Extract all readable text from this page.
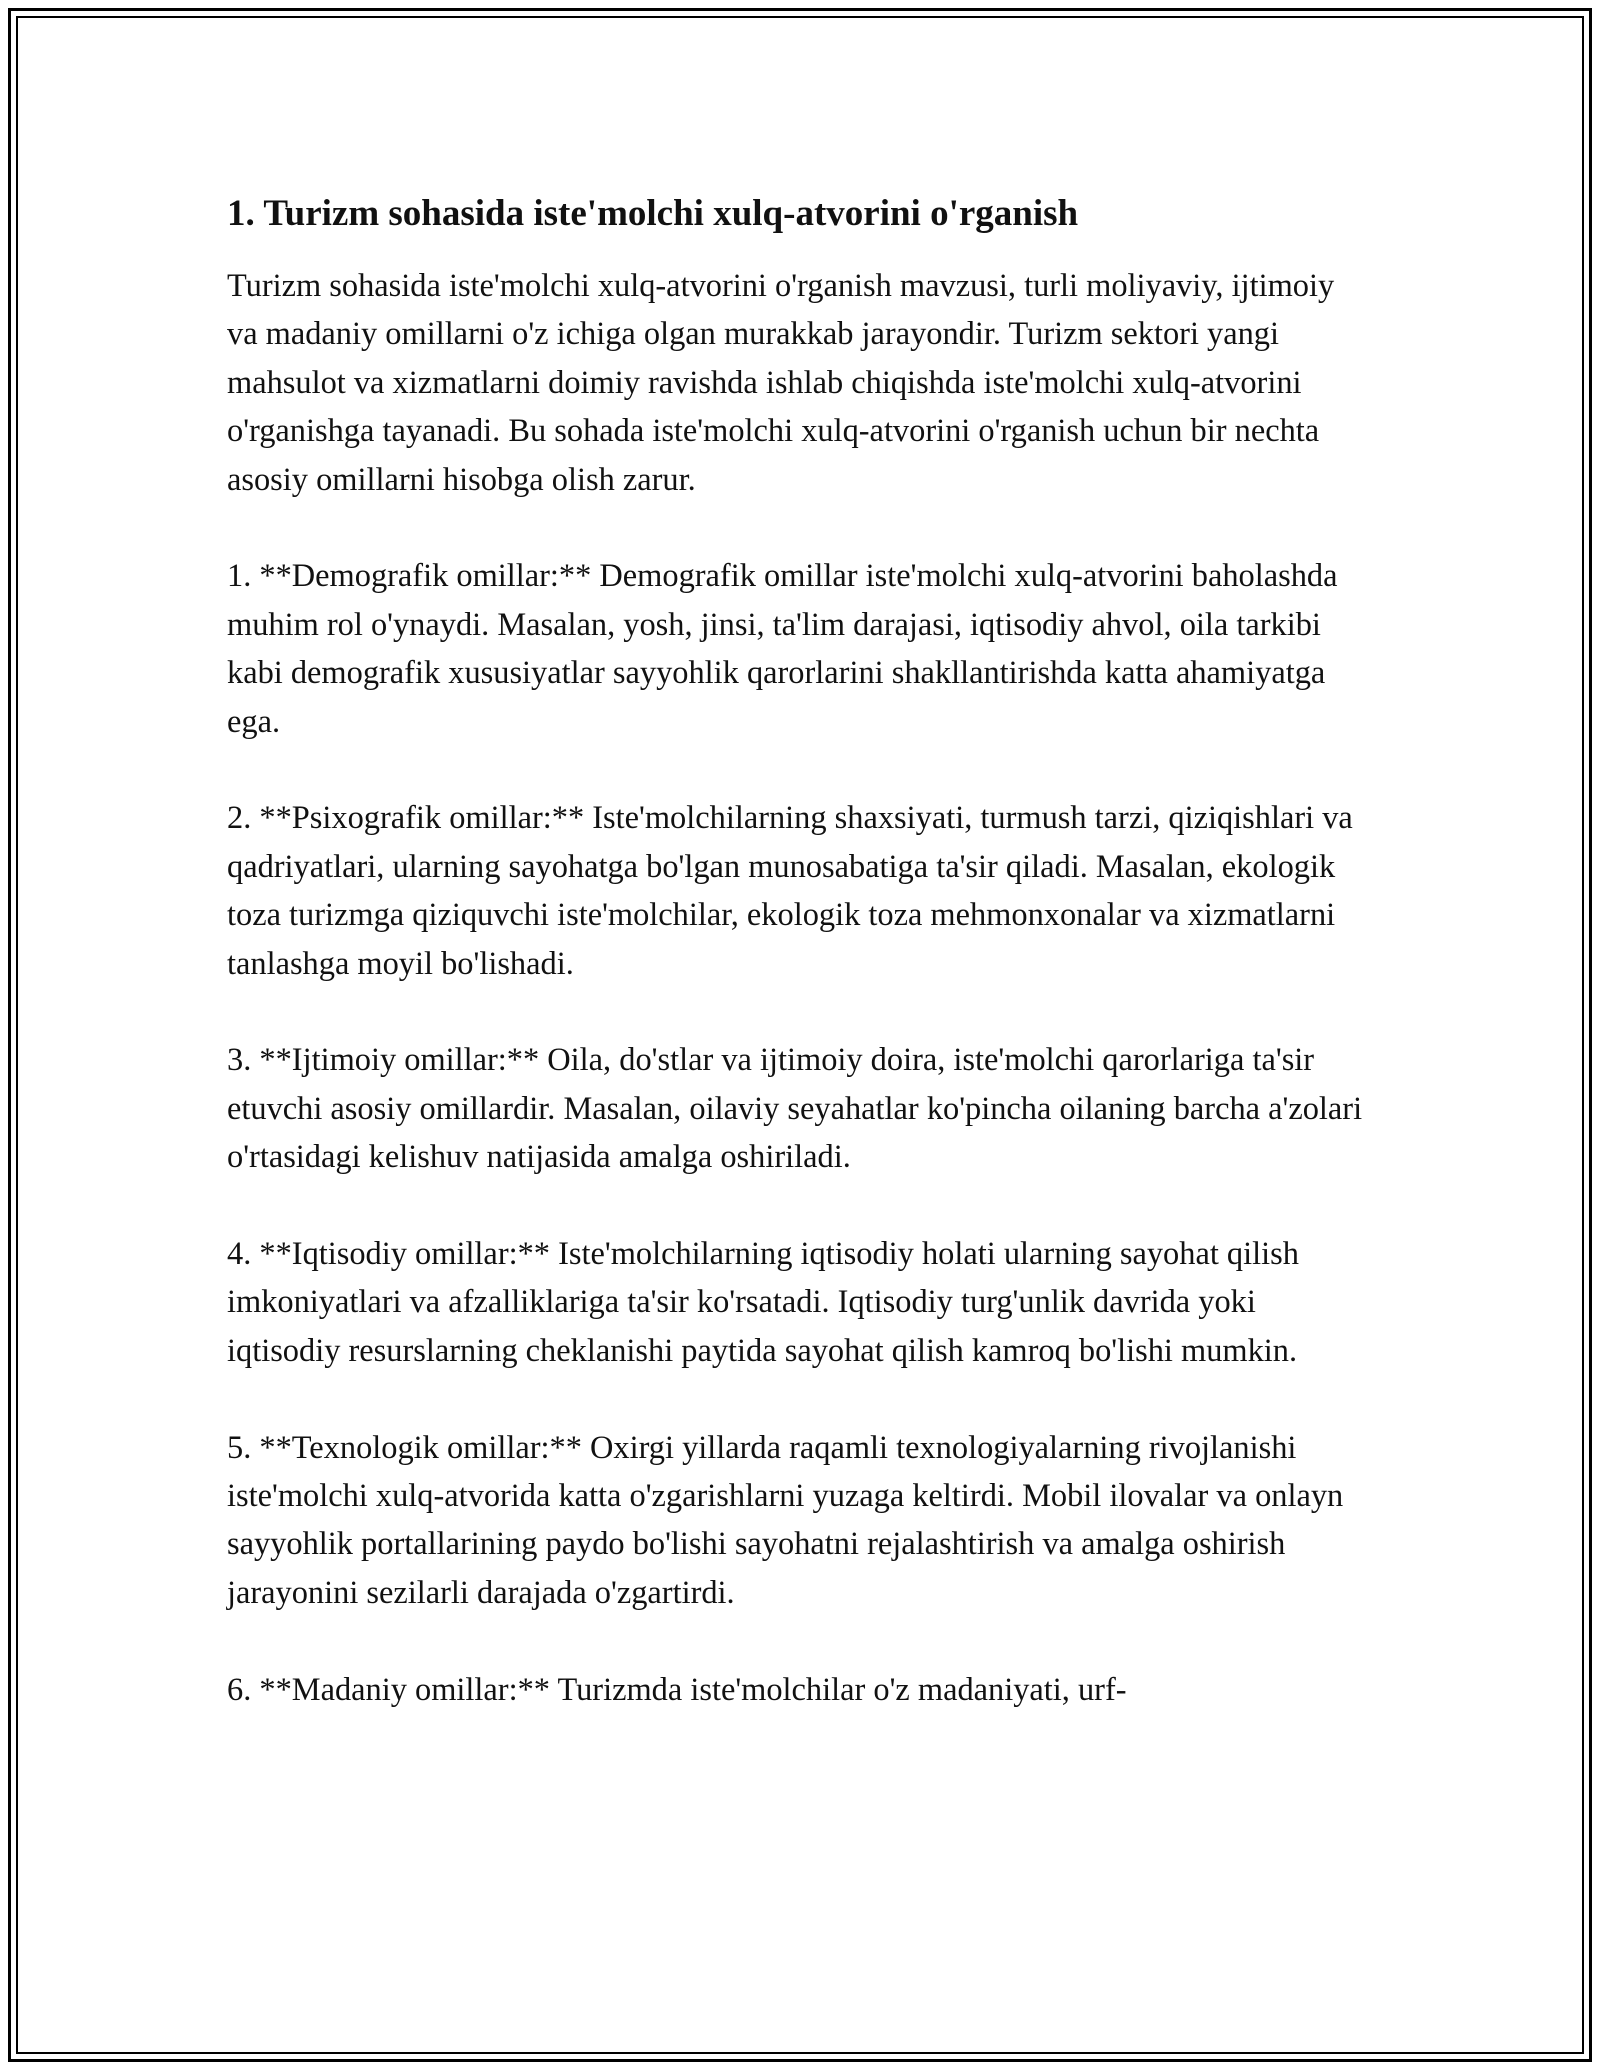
1. Turizm sohasida iste'molchi xulq-atvorini o'rganish

Turizm sohasida iste'molchi xulq-atvorini o'rganish mavzusi, turli moliyaviy, ijtimoiy va madaniy omillarni o'z ichiga olgan murakkab jarayondir. Turizm sektori yangi mahsulot va xizmatlarni doimiy ravishda ishlab chiqishda iste'molchi xulq-atvorini o'rganishga tayanadi. Bu sohada iste'molchi xulq-atvorini o'rganish uchun bir nechta asosiy omillarni hisobga olish zarur.

1. **Demografik omillar:** Demografik omillar iste'molchi xulq-atvorini baholashda muhim rol o'ynaydi. Masalan, yosh, jinsi, ta'lim darajasi, iqtisodiy ahvol, oila tarkibi kabi demografik xususiyatlar sayyohlik qarorlarini shakllantirishda katta ahamiyatga ega.

2. **Psixografik omillar:** Iste'molchilarning shaxsiyati, turmush tarzi, qiziqishlari va qadriyatlari, ularning sayohatga bo'lgan munosabatiga ta'sir qiladi. Masalan, ekologik toza turizmga qiziquvchi iste'molchilar, ekologik toza mehmonxonalar va xizmatlarni tanlashga moyil bo'lishadi.

3. **Ijtimoiy omillar:** Oila, do'stlar va ijtimoiy doira, iste'molchi qarorlariga ta'sir etuvchi asosiy omillardir. Masalan, oilaviy seyahatlar ko'pincha oilaning barcha a'zolari o'rtasidagi kelishuv natijasida amalga oshiriladi.

4. **Iqtisodiy omillar:** Iste'molchilarning iqtisodiy holati ularning sayohat qilish imkoniyatlari va afzalliklariga ta'sir ko'rsatadi. Iqtisodiy turg'unlik davrida yoki iqtisodiy resurslarning cheklanishi paytida sayohat qilish kamroq bo'lishi mumkin.

5. **Texnologik omillar:** Oxirgi yillarda raqamli texnologiyalarning rivojlanishi iste'molchi xulq-atvorida katta o'zgarishlarni yuzaga keltirdi. Mobil ilovalar va onlayn sayyohlik portallarining paydo bo'lishi sayohatni rejalashtirish va amalga oshirish jarayonini sezilarli darajada o'zgartirdi.

6. **Madaniy omillar:** Turizmda iste'molchilar o'z madaniyati, urf-
